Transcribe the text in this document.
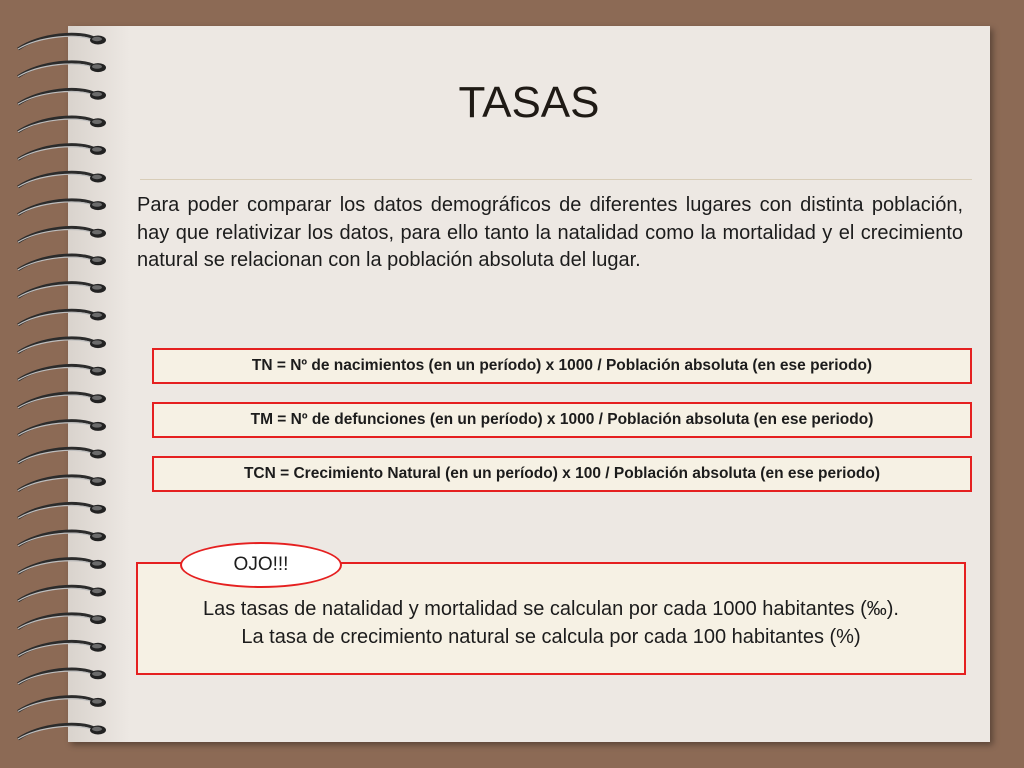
TASAS

Para poder comparar los datos demográficos de diferentes lugares con distinta población, hay que relativizar los datos, para ello tanto la natalidad como la mortalidad y el crecimiento natural se relacionan con la población absoluta del lugar.

TN = Nº de nacimientos (en un período) x 1000 / Población absoluta (en ese periodo)
TM = Nº de defunciones (en un período) x 1000 / Población absoluta (en ese periodo)
TCN = Crecimiento Natural (en un período) x 100 / Población absoluta (en ese periodo)

Las tasas de natalidad y mortalidad se calculan por cada 1000 habitantes (‰).
La tasa de crecimiento natural se calcula por cada 100 habitantes (%)

OJO!!!
